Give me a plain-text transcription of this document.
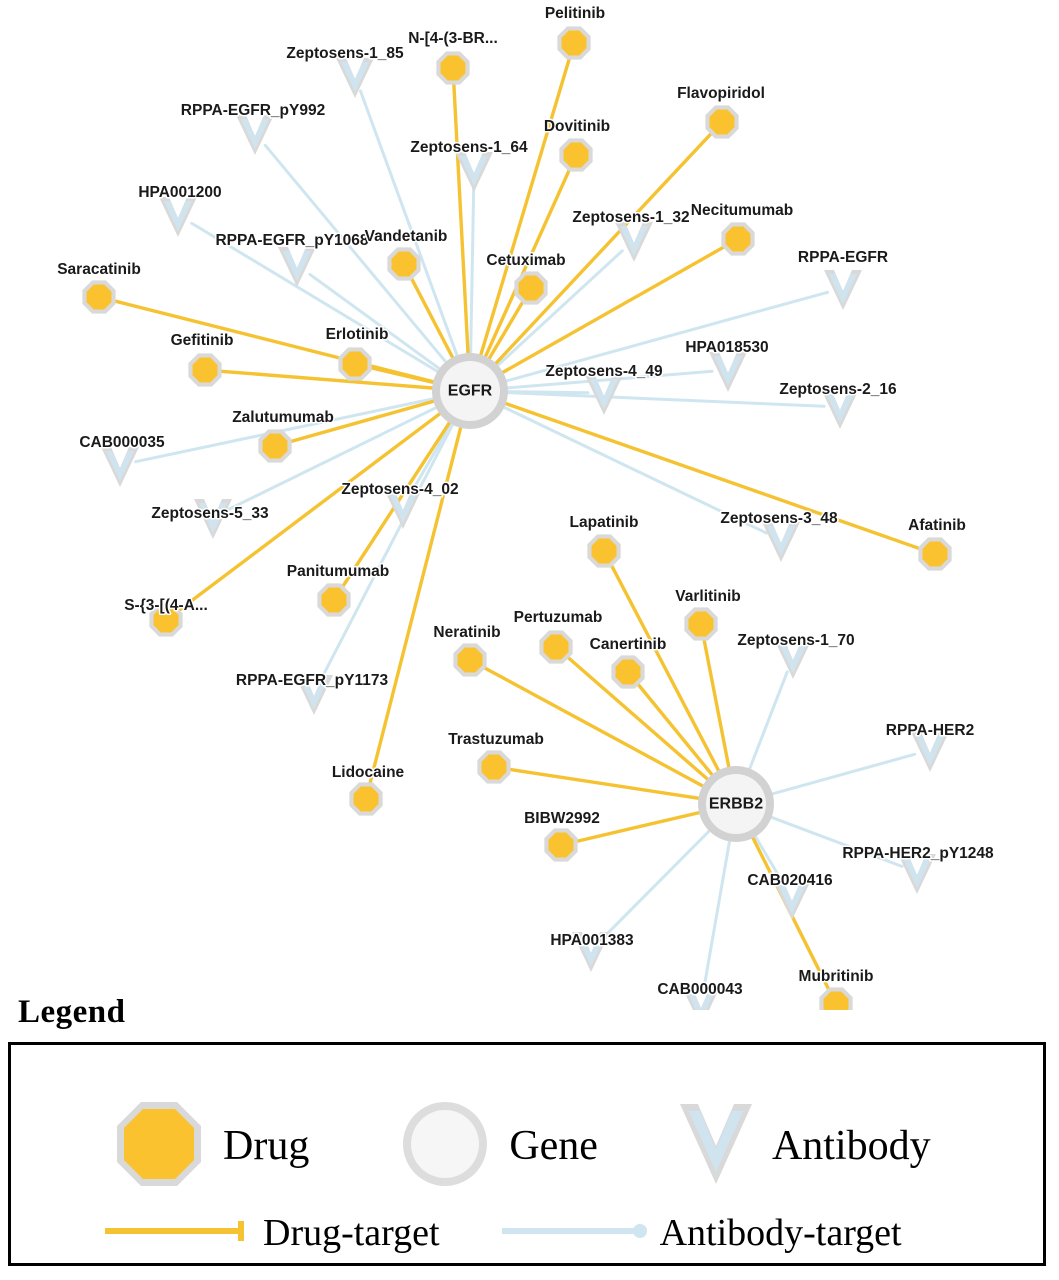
Zeptosens-1_85
RPPA-EGFR_pY992
Zeptosens-1_64
HPA001200
Zeptosens-1_32
RPPA-EGFR_pY1068
RPPA-EGFR
HPA018530
Zeptosens-4_49
Zeptosens-2_16
CAB000035
Zeptosens-5_33
Zeptosens-4_02
Zeptosens-3_48
Zeptosens-1_70
RPPA-EGFR_pY1173
RPPA-HER2
RPPA-HER2_pY1248
CAB020416
HPA001383
CAB000043
Pelitinib
N-[4-(3-BR...
Flavopiridol
Dovitinib
Necitumumab
Vandetanib
Cetuximab
Saracatinib
Erlotinib
Gefitinib
Zalutumumab
Afatinib
Lapatinib
Varlitinib
Panitumumab
S-{3-[(4-A...
Pertuzumab
Canertinib
Neratinib
Trastuzumab
Lidocaine
BIBW2992
Mubritinib
EGFR
ERBB2
Legend
Drug	Gene	Antibody
Drug-target	Antibody-target
